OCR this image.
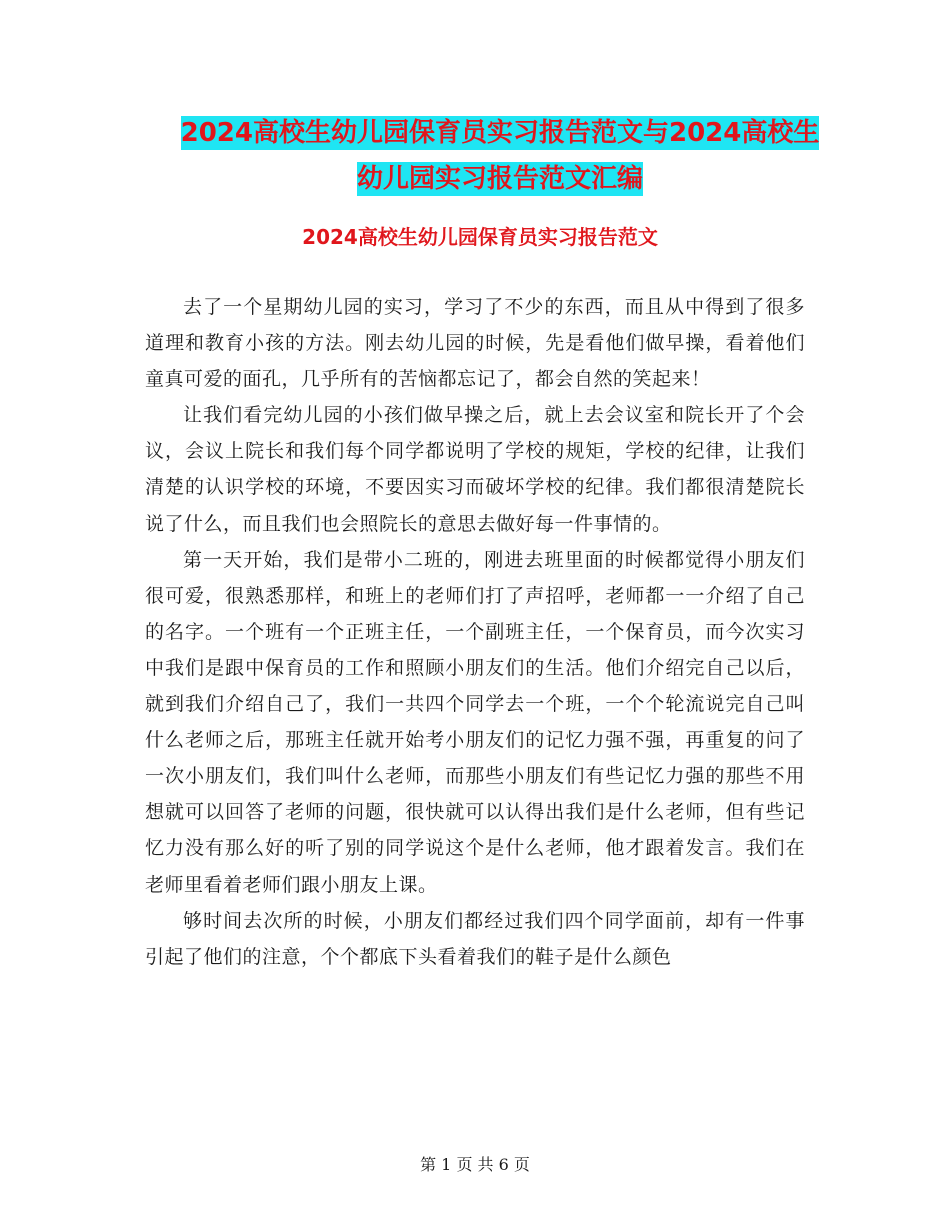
2024高校生幼儿园保育员实习报告范文与2024高校生
幼儿园实习报告范文汇编
2024高校生幼儿园保育员实习报告范文

去了一个星期幼儿园的实习，学习了不少的东西，而且从中得到了很多道理和教育小孩的方法。刚去幼儿园的时候，先是看他们做早操，看着他们童真可爱的面孔，几乎所有的苦恼都忘记了，都会自然的笑起来！

让我们看完幼儿园的小孩们做早操之后，就上去会议室和院长开了个会议，会议上院长和我们每个同学都说明了学校的规矩，学校的纪律，让我们清楚的认识学校的环境，不要因实习而破坏学校的纪律。我们都很清楚院长说了什么，而且我们也会照院长的意思去做好每一件事情的。

第一天开始，我们是带小二班的，刚进去班里面的时候都觉得小朋友们很可爱，很熟悉那样，和班上的老师们打了声招呼，老师都一一介绍了自己的名字。一个班有一个正班主任，一个副班主任，一个保育员，而今次实习中我们是跟中保育员的工作和照顾小朋友们的生活。他们介绍完自己以后，就到我们介绍自己了，我们一共四个同学去一个班，一个个轮流说完自己叫什么老师之后，那班主任就开始考小朋友们的记忆力强不强，再重复的问了一次小朋友们，我们叫什么老师，而那些小朋友们有些记忆力强的那些不用想就可以回答了老师的问题，很快就可以认得出我们是什么老师，但有些记忆力没有那么好的听了别的同学说这个是什么老师，他才跟着发言。我们在老师里看着老师们跟小朋友上课。

够时间去次所的时候，小朋友们都经过我们四个同学面前，却有一件事引起了他们的注意，个个都底下头看着我们的鞋子是什么颜色

第 1 页 共 6 页
